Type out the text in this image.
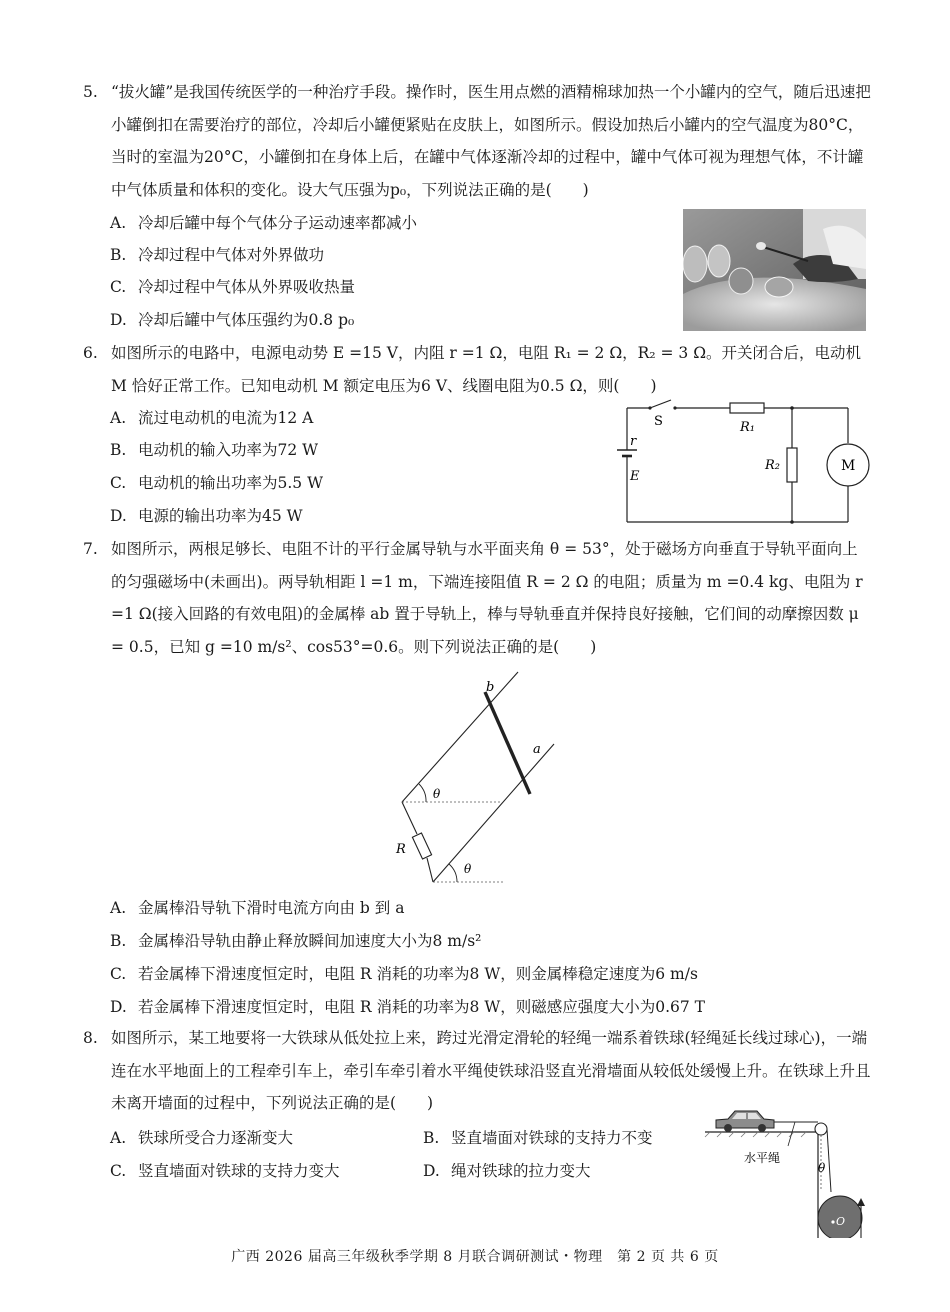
5. “拔火罐”是我国传统医学的一种治疗手段。操作时，医生用点燃的酒精棉球加热一个小罐内的空气，随后迅速把小罐倒扣在需要治疗的部位，冷却后小罐便紧贴在皮肤上，如图所示。假设加热后小罐内的空气温度为80°C，当时的室温为20°C，小罐倒扣在身体上后，在罐中气体逐渐冷却的过程中，罐中气体可视为理想气体，不计罐中气体质量和体积的变化。设大气压强为p₀，下列说法正确的是(　　)

A. 冷却后罐中每个气体分子运动速率都减小
B. 冷却过程中气体对外界做功
C. 冷却过程中气体从外界吸收热量
D. 冷却后罐中气体压强约为0.8 p₀

6. 如图所示的电路中，电源电动势 E =15 V，内阻 r =1 Ω，电阻 R₁ = 2 Ω，R₂ = 3 Ω。开关闭合后，电动机 M 恰好正常工作。已知电动机 M 额定电压为6 V、线圈电阻为0.5 Ω，则(　　)

A. 流过电动机的电流为12 A
B. 电动机的输入功率为72 W
C. 电动机的输出功率为5.5 W
D. 电源的输出功率为45 W
S	R₁
R₂	M
r
E

7. 如图所示，两根足够长、电阻不计的平行金属导轨与水平面夹角 θ = 53°，处于磁场方向垂直于导轨平面向上的匀强磁场中(未画出)。两导轨相距 l =1 m，下端连接阻值 R = 2 Ω 的电阻；质量为 m =0.4 kg、电阻为 r =1 Ω(接入回路的有效电阻)的金属棒 ab 置于导轨上，棒与导轨垂直并保持良好接触，它们间的动摩擦因数 μ = 0.5，已知 g =10 m/s²、cos53°=0.6。则下列说法正确的是(　　)

b
a
θ
θ
R
A. 金属棒沿导轨下滑时电流方向由 b 到 a
B. 金属棒沿导轨由静止释放瞬间加速度大小为8 m/s²
C. 若金属棒下滑速度恒定时，电阻 R 消耗的功率为8 W，则金属棒稳定速度为6 m/s
D. 若金属棒下滑速度恒定时，电阻 R 消耗的功率为8 W，则磁感应强度大小为0.67 T

8. 如图所示，某工地要将一大铁球从低处拉上来，跨过光滑定滑轮的轻绳一端系着铁球(轻绳延长线过球心)，一端连在水平地面上的工程牵引车上，牵引车牵引着水平绳使铁球沿竖直光滑墙面从较低处缓慢上升。在铁球上升且未离开墙面的过程中，下列说法正确的是(　　)

A. 铁球所受合力逐渐变大	B. 竖直墙面对铁球的支持力不变
C. 竖直墙面对铁球的支持力变大	D. 绳对铁球的拉力变大
水平绳
θ
O
广西 2026 届高三年级秋季学期 8 月联合调研测试・物理　第 2 页 共 6 页
